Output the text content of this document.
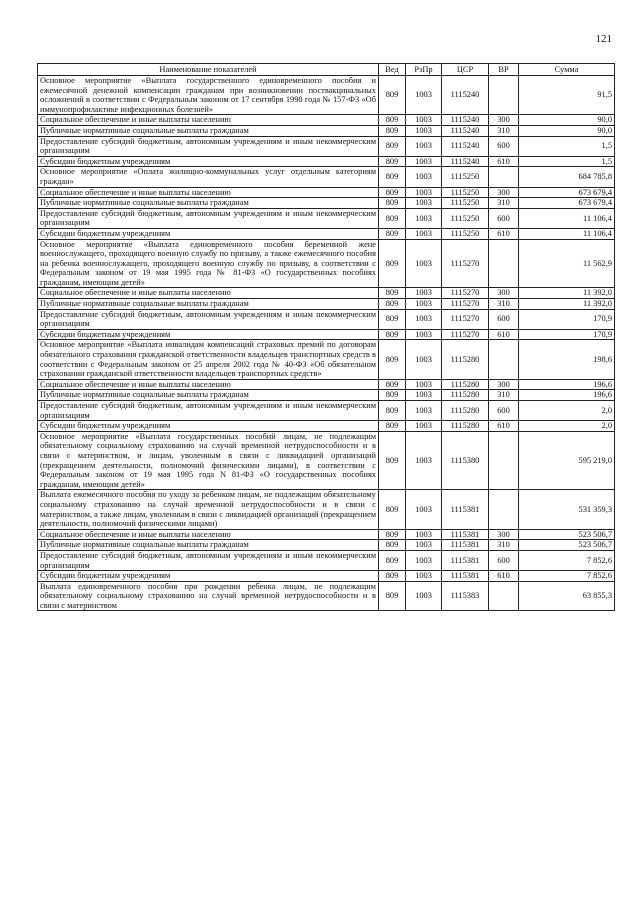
121
Наименование показателей	Вед	РзПр	ЦСР	ВР	Сумма
Основное мероприятие «Выплата государственного единовременного пособия и ежемесячной денежной компенсации гражданам при возникновении поствакцинальных осложнений в соответствии с Федеральным законом от 17 сентября 1998 года № 157-ФЗ «Об иммунопрофилактике инфекционных болезней»	809	1003	1115240		91,5
Социальное обеспечение и иные выплаты населению	809	1003	1115240	300	90,0
Публичные нормативные социальные выплаты гражданам	809	1003	1115240	310	90,0
Предоставление субсидий бюджетным, автономным учреждениям и иным некоммерческим организациям	809	1003	1115240	600	1,5
Субсидии бюджетным учреждениям	809	1003	1115240	610	1,5
Основное мероприятие «Оплата жилищно-коммунальных услуг отдельным категориям граждан»	809	1003	1115250		684 785,8
Социальное обеспечение и иные выплаты населению	809	1003	1115250	300	673 679,4
Публичные нормативные социальные выплаты гражданам	809	1003	1115250	310	673 679,4
Предоставление субсидий бюджетным, автономным учреждениям и иным некоммерческим организациям	809	1003	1115250	600	11 106,4
Субсидии бюджетным учреждениям	809	1003	1115250	610	11 106,4
Основное мероприятие «Выплата единовременного пособия беременной жене военнослужащего, проходящего военную службу по призыву, а также ежемесячного пособия на ребенка военнослужащего, проходящего военную службу по призыву, в соответствии с Федеральным законом от 19 мая 1995 года № 81-ФЗ «О государственных пособиях гражданам, имеющим детей»	809	1003	1115270		11 562,9
Социальное обеспечение и иные выплаты населению	809	1003	1115270	300	11 392,0
Публичные нормативные социальные выплаты гражданам	809	1003	1115270	310	11 392,0
Предоставление субсидий бюджетным, автономным учреждениям и иным некоммерческим организациям	809	1003	1115270	600	170,9
Субсидии бюджетным учреждениям	809	1003	1115270	610	170,9
Основное мероприятие «Выплата инвалидам компенсаций страховых премий по договорам обязательного страхования гражданской ответственности владельцев транспортных средств в соответствии с Федеральным законом от 25 апреля 2002 года № 40-ФЗ «Об обязательном страховании гражданской ответственности владельцев транспортных средств»	809	1003	1115280		198,6
Социальное обеспечение и иные выплаты населению	809	1003	1115280	300	196,6
Публичные нормативные социальные выплаты гражданам	809	1003	1115280	310	196,6
Предоставление субсидий бюджетным, автономным учреждениям и иным некоммерческим организациям	809	1003	1115280	600	2,0
Субсидии бюджетным учреждениям	809	1003	1115280	610	2,0
Основное мероприятие «Выплата государственных пособий лицам, не подлежащим обязательному социальному страхованию на случай временной нетрудоспособности и в связи с материнством, и лицам, уволенным в связи с ликвидацией организаций (прекращением деятельности, полномочий физическими лицами), в соответствии с Федеральным законом от 19 мая 1995 года N 81-ФЗ «О государственных пособиях гражданам, имеющим детей»	809	1003	1115380		595 219,0
Выплата ежемесячного пособия по уходу за ребенком лицам, не подлежащим обязательному социальному страхованию на случай временной нетрудоспособности и в связи с материнством, а также лицам, уволенным в связи с ликвидацией организаций (прекращением деятельности, полномочий физическими лицами)	809	1003	1115381		531 359,3
Социальное обеспечение и иные выплаты населению	809	1003	1115381	300	523 506,7
Публичные нормативные социальные выплаты гражданам	809	1003	1115381	310	523 506,7
Предоставление субсидий бюджетным, автономным учреждениям и иным некоммерческим организациям	809	1003	1115381	600	7 852,6
Субсидии бюджетным учреждениям	809	1003	1115381	610	7 852,6
Выплата единовременного пособия при рождении ребенка лицам, не подлежащим обязательному социальному страхованию на случай временной нетрудоспособности и в связи с материнством	809	1003	1115383		63 855,3
